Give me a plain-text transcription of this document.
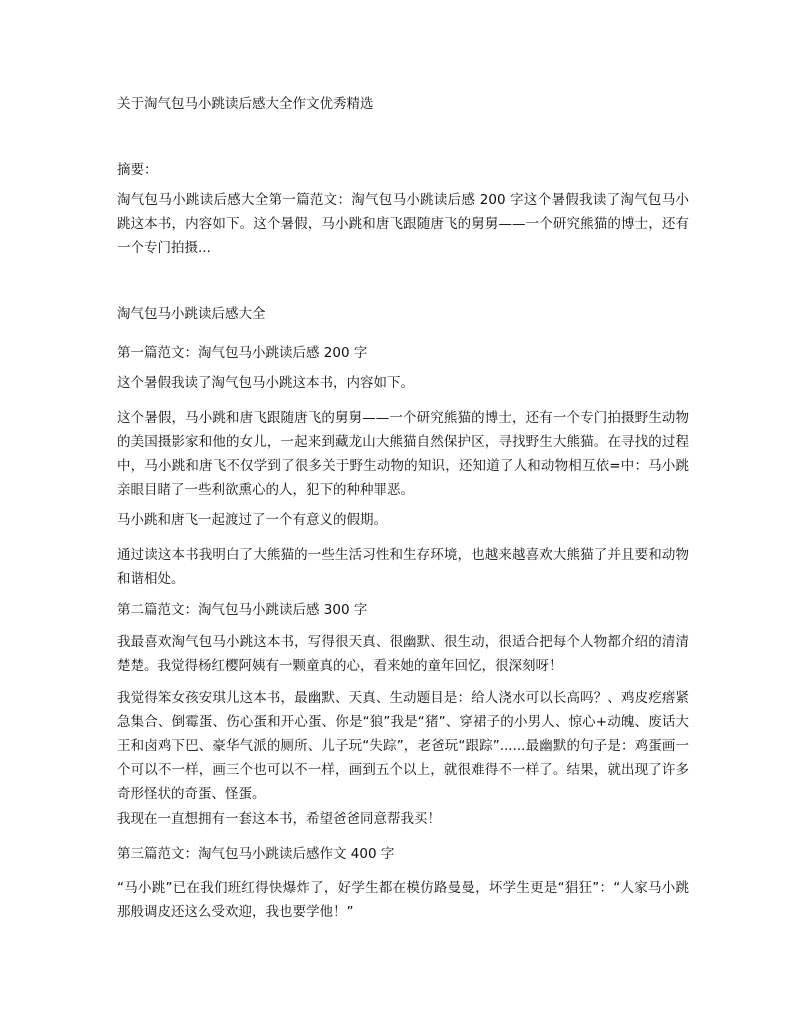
关于淘气包马小跳读后感大全作文优秀精选

摘要：

淘气包马小跳读后感大全第一篇范文：淘气包马小跳读后感 200 字这个暑假我读了淘气包马小跳这本书，内容如下。这个暑假，马小跳和唐飞跟随唐飞的舅舅——一个研究熊猫的博士，还有一个专门拍摄...

淘气包马小跳读后感大全

第一篇范文：淘气包马小跳读后感 200 字

这个暑假我读了淘气包马小跳这本书，内容如下。

这个暑假，马小跳和唐飞跟随唐飞的舅舅——一个研究熊猫的博士，还有一个专门拍摄野生动物的美国摄影家和他的女儿，一起来到藏龙山大熊猫自然保护区，寻找野生大熊猫。在寻找的过程中，马小跳和唐飞不仅学到了很多关于野生动物的知识，还知道了人和动物相互依=中：马小跳亲眼目睹了一些利欲熏心的人，犯下的种种罪恶。

马小跳和唐飞一起渡过了一个有意义的假期。

通过读这本书我明白了大熊猫的一些生活习性和生存环境，也越来越喜欢大熊猫了并且要和动物和谐相处。

第二篇范文：淘气包马小跳读后感 300 字

我最喜欢淘气包马小跳这本书，写得很天真、很幽默、很生动，很适合把每个人物都介绍的清清楚楚。我觉得杨红樱阿姨有一颗童真的心，看来她的童年回忆，很深刻呀！

我觉得笨女孩安琪儿这本书，最幽默、天真、生动题目是：给人浇水可以长高吗？、鸡皮疙瘩紧急集合、倒霉蛋、伤心蛋和开心蛋、你是“狼”我是“猪”、穿裙子的小男人、惊心+动魄、废话大王和卤鸡下巴、豪华气派的厕所、儿子玩“失踪”，老爸玩“跟踪”......最幽默的句子是：鸡蛋画一个可以不一样，画三个也可以不一样，画到五个以上，就很难得不一样了。结果，就出现了许多奇形怪状的奇蛋、怪蛋。

我现在一直想拥有一套这本书，希望爸爸同意帮我买！

第三篇范文：淘气包马小跳读后感作文 400 字

“马小跳”已在我们班红得快爆炸了，好学生都在模仿路曼曼，坏学生更是“猖狂”：“人家马小跳那般调皮还这么受欢迎，我也要学他！”
